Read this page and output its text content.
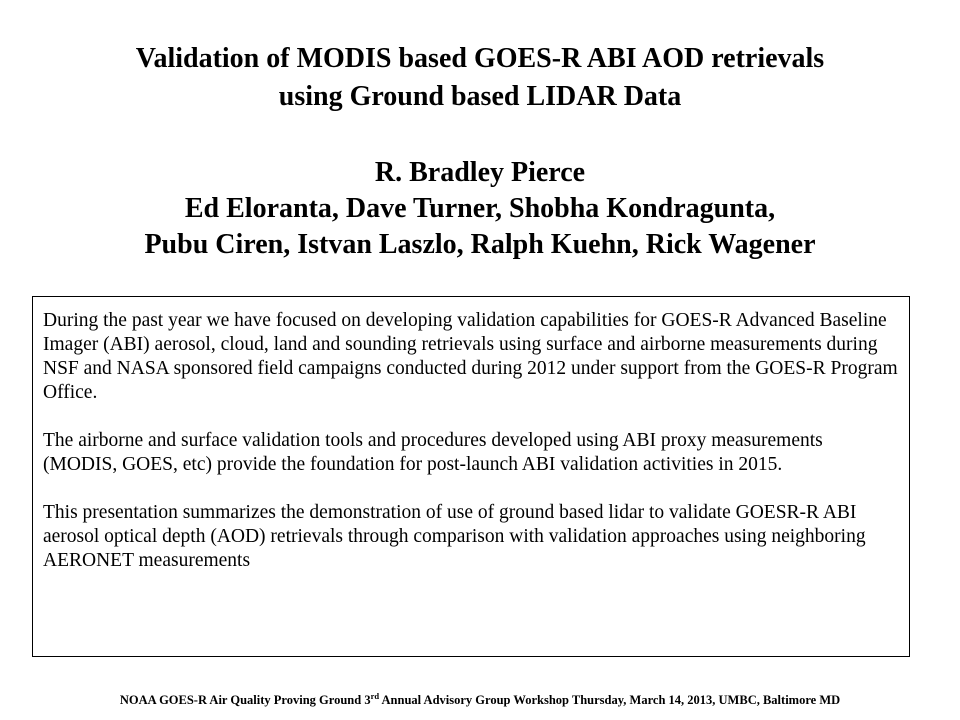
Validation of MODIS based GOES-R ABI AOD retrievals
using Ground based LIDAR Data
R. Bradley Pierce
Ed Eloranta, Dave Turner, Shobha Kondragunta,
Pubu Ciren, Istvan Laszlo, Ralph Kuehn, Rick Wagener

During the past year we have focused on developing validation capabilities for GOES-R Advanced Baseline Imager (ABI) aerosol, cloud, land and sounding retrievals using surface and airborne measurements during NSF and NASA sponsored field campaigns conducted during 2012 under support from the GOES-R Program Office.

The airborne and surface validation tools and procedures developed using ABI proxy measurements (MODIS, GOES, etc) provide the foundation for post-launch ABI validation activities in 2015.

This presentation summarizes the demonstration of use of ground based lidar to validate GOESR-R ABI aerosol optical depth (AOD) retrievals through comparison with validation approaches using neighboring AERONET measurements

NOAA GOES-R Air Quality Proving Ground 3rd Annual Advisory Group Workshop Thursday, March 14, 2013, UMBC, Baltimore MD
